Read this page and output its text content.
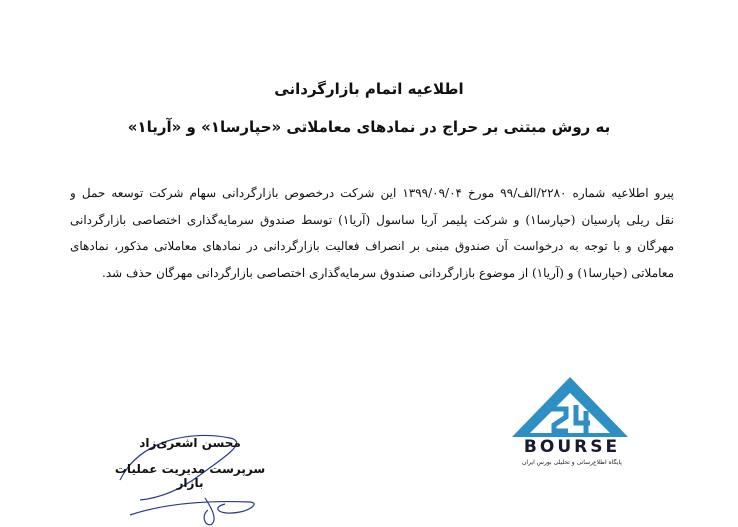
اطلاعیه اتمام بازارگردانی
به روش مبتنی بر حراج در نمادهای معاملاتی «حپارسا۱» و «آریا۱»

پیرو اطلاعیه شماره ۲۲۸۰/الف/۹۹ مورخ ۱۳۹۹/۰۹/۰۴ این شرکت درخصوص بازارگردانی سهام شرکت توسعه حمل و

نقل ریلی پارسیان (حپارسا۱) و شرکت پلیمر آریا ساسول (آریا۱) توسط صندوق سرمایه‌گذاری اختصاصی بازارگردانی

مهرگان و با توجه به درخواست آن صندوق مبنی بر انصراف فعالیت بازارگردانی در نمادهای معاملاتی مذکور، نمادهای

معاملاتی (حپارسا۱) و (آریا۱) از موضوع بازارگردانی صندوق سرمایه‌گذاری اختصاصی بازارگردانی مهرگان حذف شد.

محسن اشعری‌زاد
سرپرست مدیریت عملیات بازار
BOURSE
پایگاه اطلاع‌رسانی و تحلیلی بورس ایران
